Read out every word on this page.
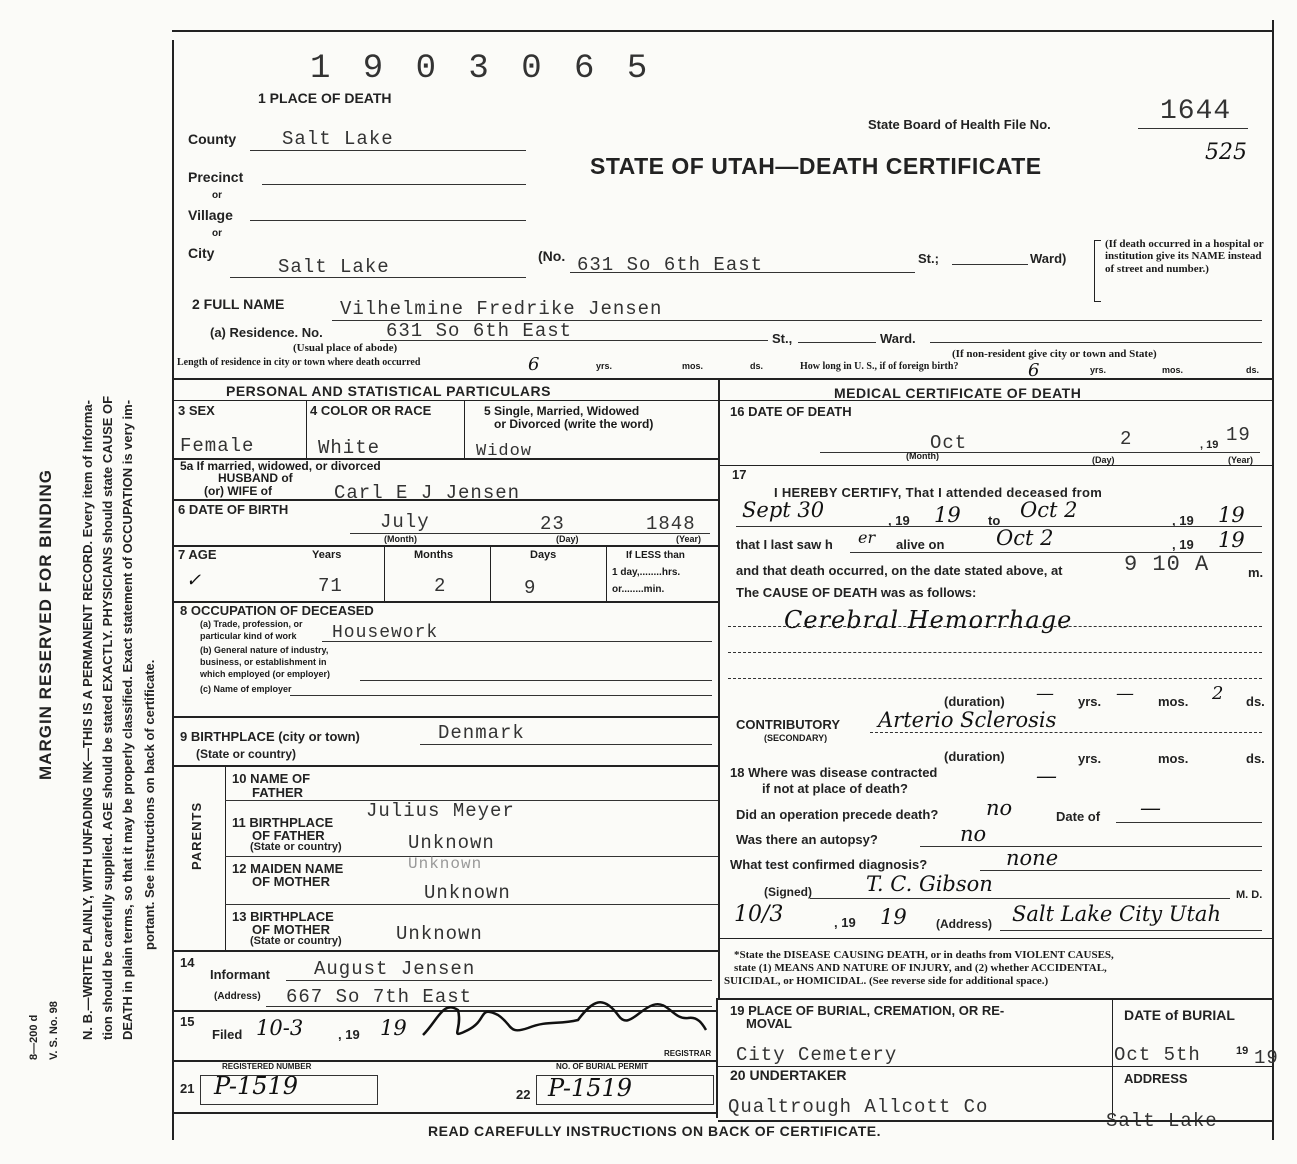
MARGIN RESERVED FOR BINDING N. B.—WRITE PLAINLY, WITH UNFADING INK—THIS IS A PERMANENT RECORD. Every item of Informa- tion should be carefully supplied. AGE should be stated EXACTLY. PHYSICIANS should state CAUSE OF DEATH in plain terms, so that it may be properly classified. Exact statement of OCCUPATION is very im- portant. See instructions on back of certificate.
8—200 d V. S. No. 98
1 9 0 3 0 6 5
1 PLACE OF DEATH
State Board of Health File No.	1644
525
STATE OF UTAH—DEATH CERTIFICATE
County Salt Lake
Precinct
or
Village
or
City
Salt Lake	(No. 631 So 6th East	St.;	Ward)
(If death occurred in a hospital or institution give its NAME instead of street and number.)
2 FULL NAME	Vilhelmine Fredrike Jensen
(a) Residence. No.	631 So 6th East	St.,	Ward.
(Usual place of abode)	(If non-resident give city or town and State)
Length of residence in city or town where death occurred	6	yrs.	mos.	ds.	How long in U. S., if of foreign birth?	6	yrs.	mos.	ds.
PERSONAL AND STATISTICAL PARTICULARS	MEDICAL CERTIFICATE OF DEATH
3 SEX	4 COLOR OR RACE	5 Single, Married, Widowed
or Divorced (write the word)
Female	White	Widow
5a If married, widowed, or divorced
HUSBAND of
(or) WIFE of	Carl E J Jensen
6 DATE OF BIRTH
July	23	1848
(Month)	(Day)	(Year)
7 AGE	Years	Months	Days	If LESS than
1 day,........hrs.
or........min.
✓	71	2	9
8 OCCUPATION OF DECEASED
(a) Trade, profession, or
particular kind of work Housework
(b) General nature of industry,
business, or establishment in
which employed (or employer)
(c) Name of employer
9 BIRTHPLACE (city or town)
(State or country)
Denmark
PARENTS
10 NAME OF
FATHER
Julius Meyer
11 BIRTHPLACE
OF FATHER
(State or country)	Unknown
12 MAIDEN NAME
OF MOTHER
Unknown
Unknown
13 BIRTHPLACE
OF MOTHER
(State or country)	Unknown
14
Informant August Jensen
(Address) 667 So 7th East
15
Filed 10-3	, 19 19
REGISTRAR
REGISTERED NUMBER
21 P-1519
NO. OF BURIAL PERMIT
22 P-1519
16 DATE OF DEATH
Oct	2	, 19 19
(Month)	(Day)	(Year)
17
I HEREBY CERTIFY, That I attended deceased from
Sept 30	, 19 19 to Oct 2	, 19 19
that I last saw h er alive on Oct 2	, 19 19
and that death occurred, on the date stated above, at	9 10 A	m.
The CAUSE OF DEATH was as follows:
Cerebral Hemorrhage
(duration) — yrs. — mos. 2 ds.
CONTRIBUTORY
(SECONDARY)
Arterio Sclerosis
(duration)	yrs.	mos.	ds.
18 Where was disease contracted
if not at place of death?
—
Did an operation precede death? no	Date of —
Was there an autopsy?	no
What test confirmed diagnosis?	none
(Signed)	T. C. Gibson	M. D.
10/3	, 19 19 (Address) Salt Lake City Utah
*State the DISEASE CAUSING DEATH, or in deaths from VIOLENT CAUSES,
state (1) MEANS AND NATURE OF INJURY, and (2) whether ACCIDENTAL,
SUICIDAL, or HOMICIDAL. (See reverse side for additional space.)
19 PLACE OF BURIAL, CREMATION, OR RE-
MOVAL
DATE of BURIAL
City Cemetery	Oct 5th	19 19
20 UNDERTAKER	ADDRESS
Qualtrough Allcott Co
Salt Lake
READ CAREFULLY INSTRUCTIONS ON BACK OF CERTIFICATE.
